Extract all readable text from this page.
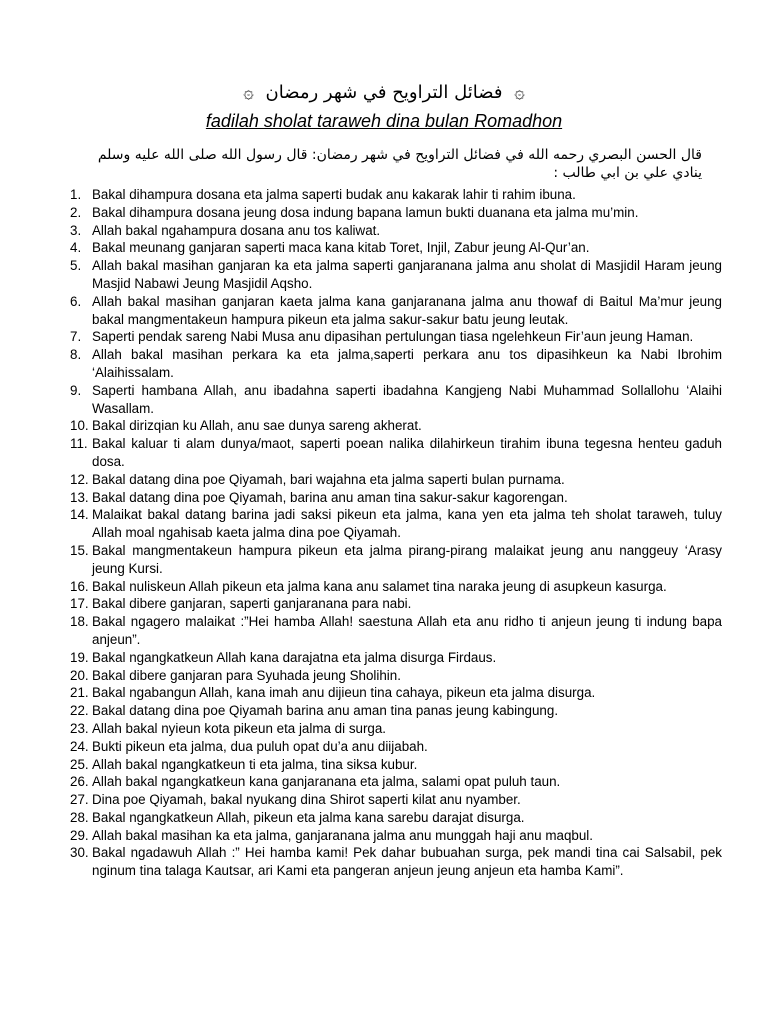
۞ فضائل التراويح في شهر رمضان ۞
fadilah sholat taraweh dina bulan Romadhon
قال الحسن البصري رحمه الله في فضائل التراويح في شهر رمضان: قال رسول الله صلى الله عليه وسلم ينادي علي بن ابي طالب :
1. Bakal dihampura dosana eta jalma saperti budak anu kakarak lahir ti rahim ibuna.
2. Bakal dihampura dosana jeung dosa indung bapana lamun bukti duanana eta jalma mu’min.
3. Allah bakal ngahampura dosana anu tos kaliwat.
4. Bakal meunang ganjaran saperti maca kana kitab Toret, Injil, Zabur jeung Al-Qur’an.
5. Allah bakal masihan ganjaran ka eta jalma saperti ganjaranana jalma anu sholat di Masjidil Haram jeung Masjid Nabawi Jeung Masjidil Aqsho.
6. Allah bakal masihan ganjaran kaeta jalma kana ganjaranana jalma anu thowaf di Baitul Ma’mur jeung bakal mangmentakeun hampura pikeun eta jalma sakur-sakur batu jeung leutak.
7. Saperti pendak sareng Nabi Musa anu dipasihan pertulungan tiasa ngelehkeun Fir’aun jeung Haman.
8. Allah bakal masihan perkara ka eta jalma,saperti perkara anu tos dipasihkeun ka Nabi Ibrohim ‘Alaihissalam.
9. Saperti hambana Allah, anu ibadahna saperti ibadahna Kangjeng Nabi Muhammad Sollallohu ‘Alaihi Wasallam.
10. Bakal dirizqian ku Allah, anu sae dunya sareng akherat.
11. Bakal kaluar ti alam dunya/maot, saperti poean nalika dilahirkeun tirahim ibuna tegesna henteu gaduh dosa.
12. Bakal datang dina poe Qiyamah, bari wajahna eta jalma saperti bulan purnama.
13. Bakal datang dina poe Qiyamah, barina anu aman tina sakur-sakur kagorengan.
14. Malaikat bakal datang barina jadi saksi pikeun eta jalma, kana yen eta jalma teh sholat taraweh, tuluy Allah moal ngahisab kaeta jalma dina poe Qiyamah.
15. Bakal mangmentakeun hampura pikeun eta jalma pirang-pirang malaikat jeung anu nanggeuy ‘Arasy jeung Kursi.
16. Bakal nuliskeun Allah pikeun eta jalma kana anu salamet tina naraka jeung di asupkeun kasurga.
17. Bakal dibere ganjaran, saperti ganjaranana para nabi.
18. Bakal ngagero malaikat :”Hei hamba Allah! saestuna Allah eta anu ridho ti anjeun jeung ti indung bapa anjeun”.
19. Bakal ngangkatkeun Allah kana darajatna eta jalma disurga Firdaus.
20. Bakal dibere ganjaran para Syuhada jeung Sholihin.
21. Bakal ngabangun Allah, kana imah anu dijieun tina cahaya, pikeun eta jalma disurga.
22. Bakal datang dina poe Qiyamah barina anu aman tina panas jeung kabingung.
23. Allah bakal nyieun kota pikeun eta jalma di surga.
24. Bukti pikeun eta jalma, dua puluh opat du’a anu diijabah.
25. Allah bakal ngangkatkeun ti eta jalma, tina siksa kubur.
26. Allah bakal ngangkatkeun kana ganjaranana eta jalma, salami opat puluh taun.
27. Dina poe Qiyamah, bakal nyukang dina Shirot saperti kilat anu nyamber.
28. Bakal ngangkatkeun Allah, pikeun eta jalma kana sarebu darajat disurga.
29. Allah bakal masihan ka eta jalma, ganjaranana jalma anu munggah haji anu maqbul.
30. Bakal ngadawuh Allah :” Hei hamba kami! Pek dahar bubuahan surga, pek mandi tina cai Salsabil, pek nginum tina talaga Kautsar, ari Kami eta pangeran anjeun jeung anjeun eta hamba Kami”.
